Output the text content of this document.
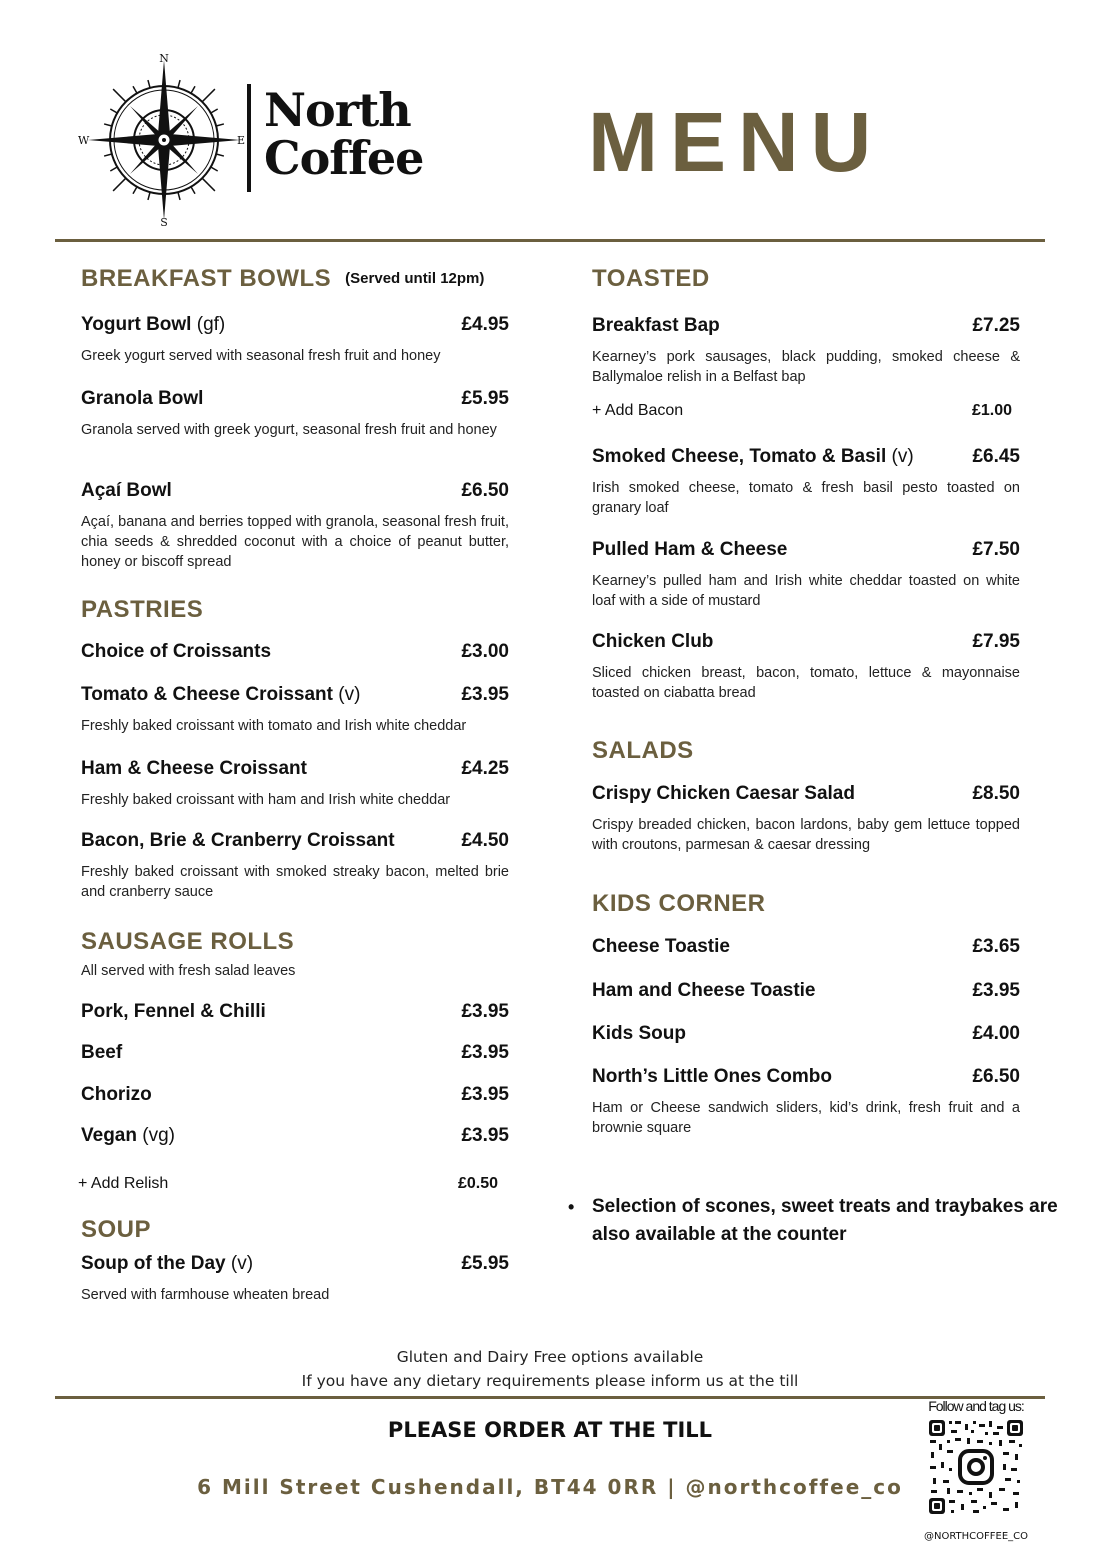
N
S
W	E
North
Coffee MENU
BREAKFAST BOWLS (Served until 12pm)
Yogurt Bowl (gf)	£4.95
Greek yogurt served with seasonal fresh fruit and honey
Granola Bowl	£5.95
Granola served with greek yogurt, seasonal fresh fruit and honey
Açaí Bowl	£6.50
Açaí, banana and berries topped with granola, seasonal fresh fruit, chia seeds & shredded coconut with a choice of peanut butter, honey or biscoff spread
PASTRIES
Choice of Croissants	£3.00
Tomato & Cheese Croissant (v)	£3.95
Freshly baked croissant with tomato and Irish white cheddar
Ham & Cheese Croissant	£4.25
Freshly baked croissant with ham and Irish white cheddar
Bacon, Brie & Cranberry Croissant	£4.50
Freshly baked croissant with smoked streaky bacon, melted brie and cranberry sauce
SAUSAGE ROLLS
All served with fresh salad leaves
Pork, Fennel & Chilli	£3.95
Beef	£3.95
Chorizo	£3.95
Vegan (vg)	£3.95
+ Add Relish	£0.50
SOUP
Soup of the Day (v)	£5.95
Served with farmhouse wheaten bread
TOASTED
Breakfast Bap	£7.25
Kearney’s pork sausages, black pudding, smoked cheese & Ballymaloe relish in a Belfast bap
+ Add Bacon	£1.00
Smoked Cheese, Tomato & Basil (v)	£6.45
Irish smoked cheese, tomato & fresh basil pesto toasted on granary loaf
Pulled Ham & Cheese	£7.50
Kearney’s pulled ham and Irish white cheddar toasted on white loaf with a side of mustard
Chicken Club	£7.95
Sliced chicken breast, bacon, tomato, lettuce & mayonnaise toasted on ciabatta bread
SALADS
Crispy Chicken Caesar Salad	£8.50
Crispy breaded chicken, bacon lardons, baby gem lettuce topped with croutons, parmesan & caesar dressing
KIDS CORNER
Cheese Toastie	£3.65
Ham and Cheese Toastie	£3.95
Kids Soup	£4.00
North’s Little Ones Combo	£6.50
Ham or Cheese sandwich sliders, kid’s drink, fresh fruit and a brownie square
• Selection of scones, sweet treats and traybakes are also available at the counter
Gluten and Dairy Free options available
If you have any dietary requirements please inform us at the till
PLEASE ORDER AT THE TILL
6 Mill Street Cushendall, BT44 0RR | @northcoffee_co
Follow and tag us:
@NORTHCOFFEE_CO
